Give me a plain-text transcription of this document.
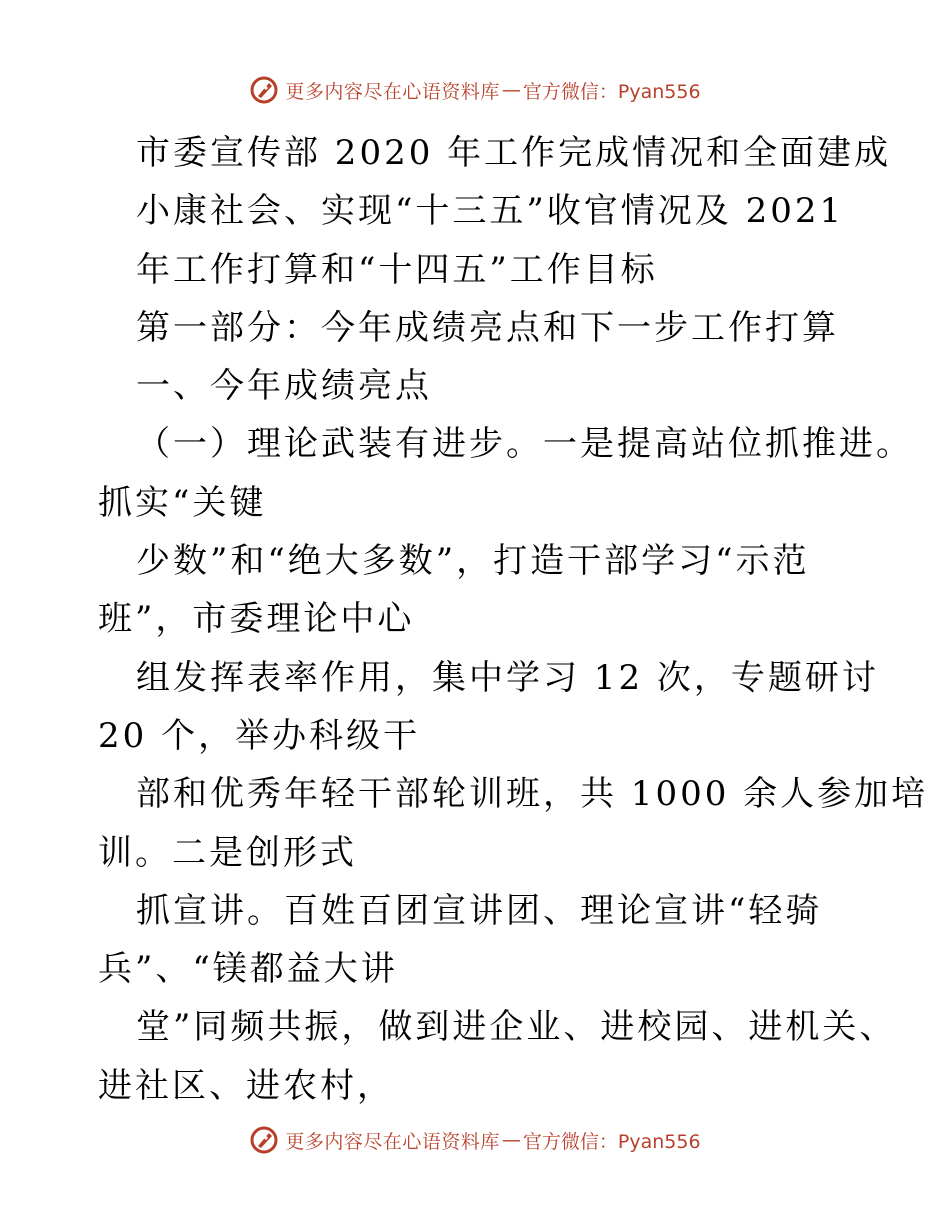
更多内容尽在心语资料库 — 官方微信：Pyan556
市委宣传部 2020 年工作完成情况和全面建成
小康社会、实现“十三五”收官情况及 2021
年工作打算和“十四五”工作目标
第一部分：今年成绩亮点和下一步工作打算
一、今年成绩亮点
（一）理论武装有进步。一是提高站位抓推进。
抓实“关键
少数”和“绝大多数”，打造干部学习“示范
班”，市委理论中心
组发挥表率作用，集中学习 12 次，专题研讨
20 个，举办科级干
部和优秀年轻干部轮训班，共 1000 余人参加培
训。二是创形式
抓宣讲。百姓百团宣讲团、理论宣讲“轻骑
兵”、“镁都益大讲
堂”同频共振，做到进企业、进校园、进机关、
进社区、进农村，
更多内容尽在心语资料库 — 官方微信：Pyan556
